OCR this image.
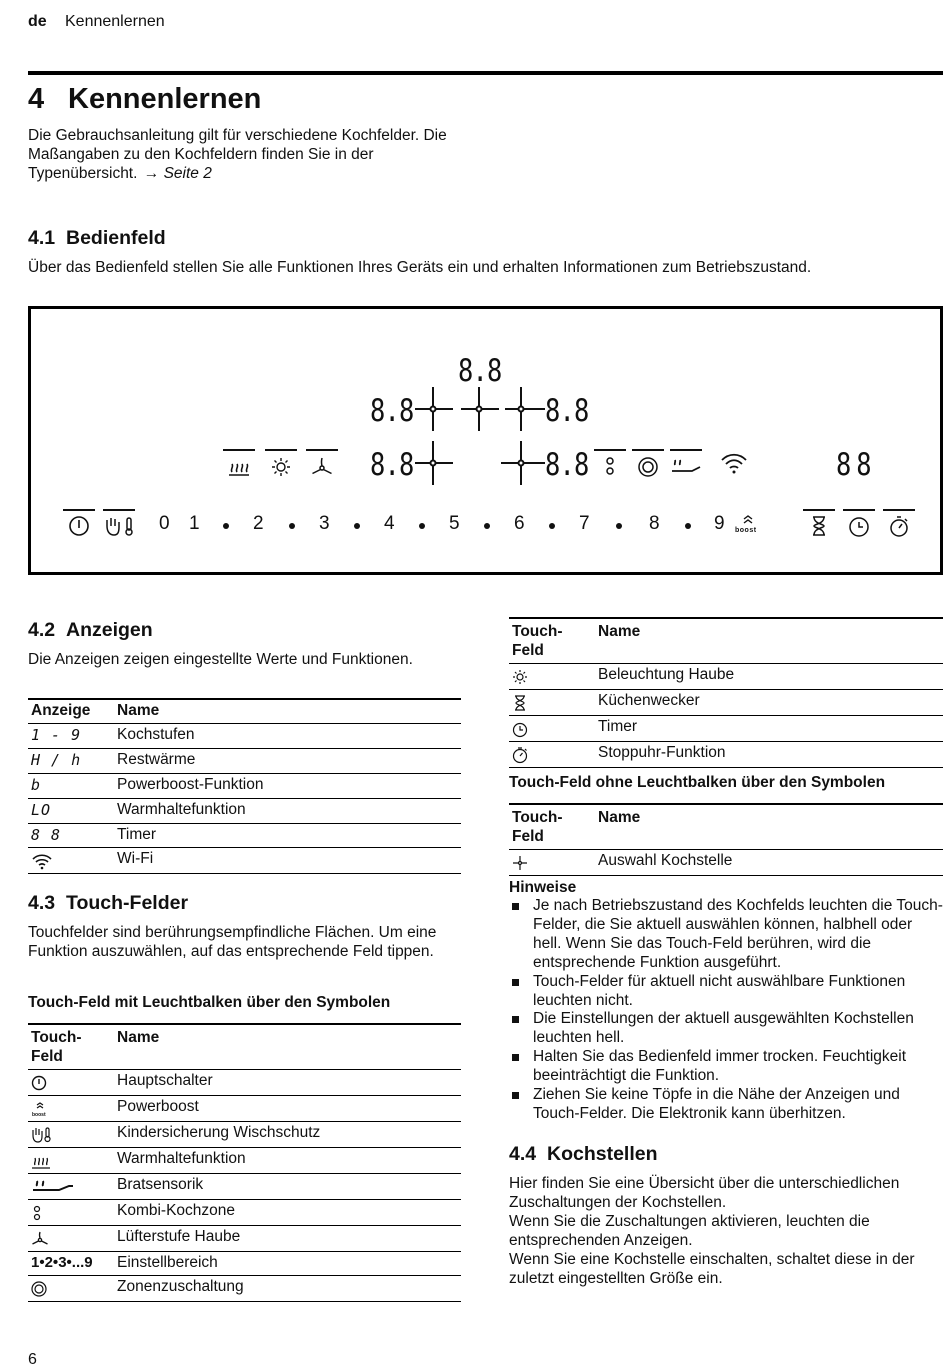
de Kennenlernen
4 Kennenlernen
Die Gebrauchsanleitung gilt für verschiedene Kochfelder. Die Maßangaben zu den Kochfeldern finden Sie in der Typenübersicht. → Seite 2
4.1 Bedienfeld
Über das Bedienfeld stellen Sie alle Funktionen Ihres Geräts ein und erhalten Informationen zum Betriebszustand.
8.8
8.8	8.8
8.8	8.8	88
0 1	2	3	4	5	6	7	8	9 boost
4.2 Anzeigen
Die Anzeigen zeigen eingestellte Werte und Funktionen.
Anzeige	Name
1 - 9	Kochstufen
H / h	Restwärme
b	Powerboost-Funktion
LO	Warmhaltefunktion
8 8	Timer
	Wi-Fi
4.3 Touch-Felder
Touchfelder sind berührungsempfindliche Flächen. Um eine Funktion auszuwählen, auf das entsprechende Feld tippen.
Touch-Feld mit Leuchtbalken über den Symbolen
Touch-Feld	Name
	Hauptschalter

boost	Powerboost
	Kindersicherung Wischschutz
	Warmhaltefunktion
	Bratsensorik
	Kombi-Kochzone
	Lüfterstufe Haube
1•2•3•...9	Einstellbereich
	Zonenzuschaltung
Touch-Feld	Name
	Beleuchtung Haube
	Küchenwecker
	Timer
	Stoppuhr-Funktion
Touch-Feld ohne Leuchtbalken über den Symbolen
Touch-Feld	Name
	Auswahl Kochstelle
Hinweise
Je nach Betriebszustand des Kochfelds leuchten die Touch-Felder, die Sie aktuell auswählen können, halbhell oder hell. Wenn Sie das Touch-Feld berühren, wird die entsprechende Funktion ausgeführt.
Touch-Felder für aktuell nicht auswählbare Funktionen leuchten nicht.
Die Einstellungen der aktuell ausgewählten Kochstellen leuchten hell.
Halten Sie das Bedienfeld immer trocken. Feuchtigkeit beeinträchtigt die Funktion.
Ziehen Sie keine Töpfe in die Nähe der Anzeigen und Touch-Felder. Die Elektronik kann überhitzen.
4.4 Kochstellen
Hier finden Sie eine Übersicht über die unterschiedlichen Zuschaltungen der Kochstellen.
Wenn Sie die Zuschaltungen aktivieren, leuchten die entsprechenden Anzeigen.
Wenn Sie eine Kochstelle einschalten, schaltet diese in der zuletzt eingestellten Größe ein.
6
